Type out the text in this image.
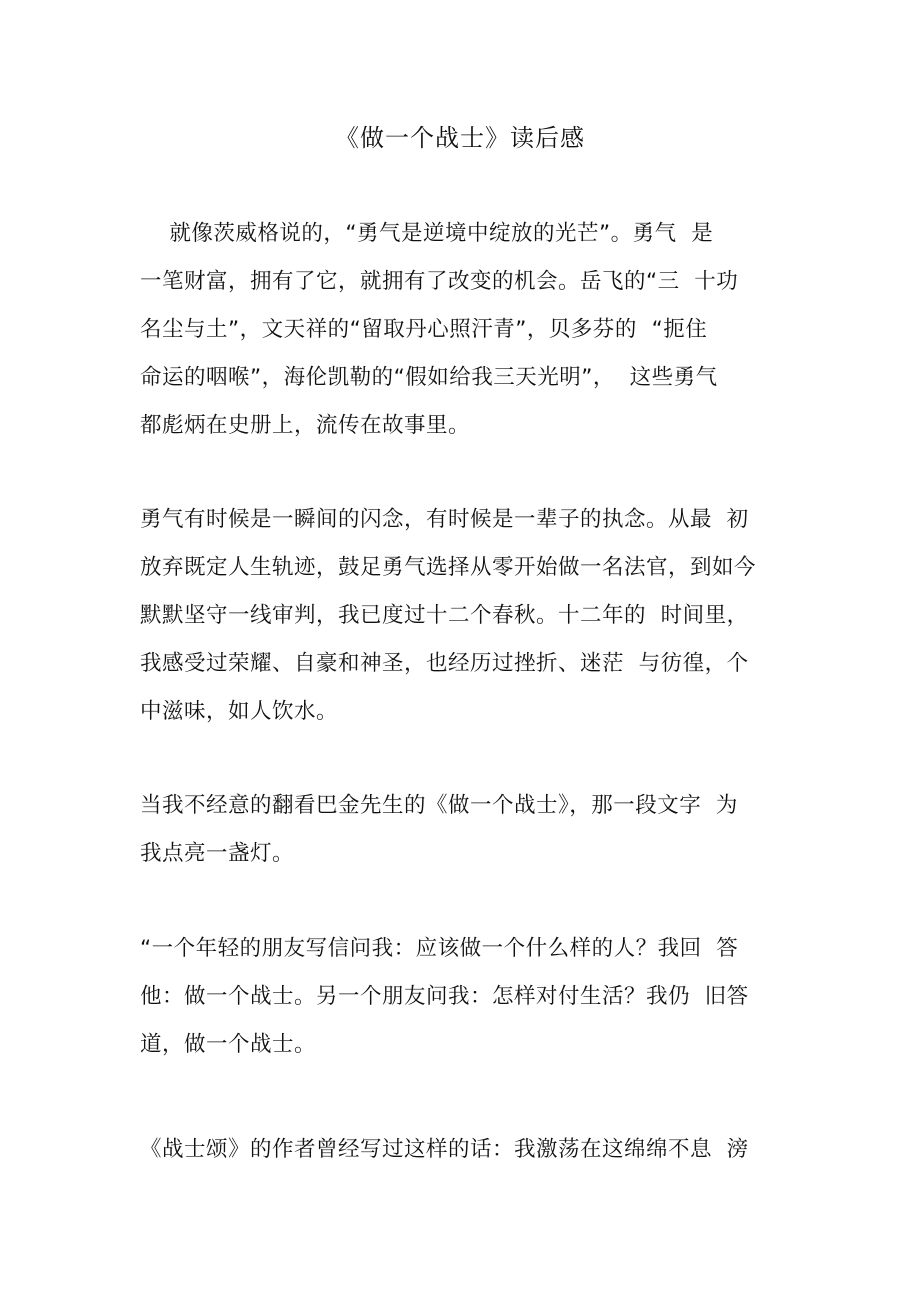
《做一个战士》读后感
就像茨威格说的，“勇气是逆境中绽放的光芒”。勇气  是
一笔财富，拥有了它，就拥有了改变的机会。岳飞的“三  十功
名尘与土”，文天祥的“留取丹心照汗青”，贝多芬的  “扼住
命运的咽喉”，海伦凯勒的“假如给我三天光明”，  这些勇气
都彪炳在史册上，流传在故事里。
勇气有时候是一瞬间的闪念，有时候是一辈子的执念。从最  初
放弃既定人生轨迹，鼓足勇气选择从零开始做一名法官，到如今
默默坚守一线审判，我已度过十二个春秋。十二年的  时间里，
我感受过荣耀、自豪和神圣，也经历过挫折、迷茫  与彷徨，个
中滋味，如人饮水。
当我不经意的翻看巴金先生的《做一个战士》，那一段文字  为
我点亮一盏灯。
“一个年轻的朋友写信问我：应该做一个什么样的人？我回  答
他：做一个战士。另一个朋友问我：怎样对付生活？我仍  旧答
道，做一个战士。
《战士颂》的作者曾经写过这样的话：我激荡在这绵绵不息  滂
